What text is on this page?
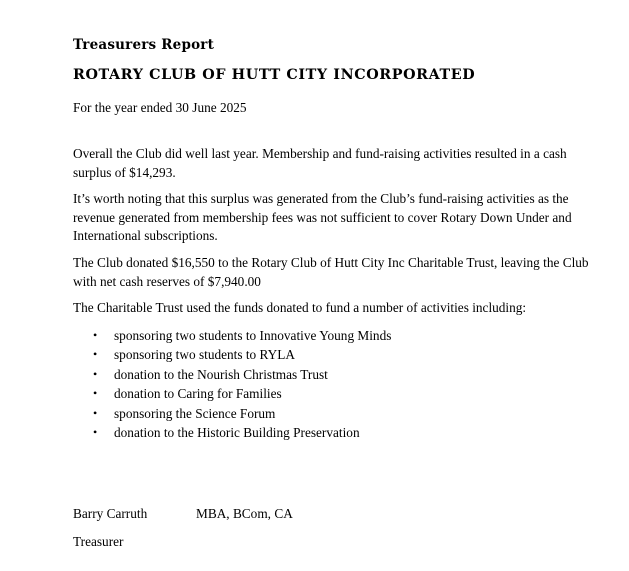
Treasurers Report
ROTARY CLUB OF HUTT CITY INCORPORATED

For the year ended 30 June 2025

Overall the Club did well last year. Membership and fund-raising activities resulted in a cash surplus of $14,293.

It’s worth noting that this surplus was generated from the Club’s fund-raising activities as the revenue generated from membership fees was not sufficient to cover Rotary Down Under and International subscriptions.

The Club donated $16,550 to the Rotary Club of Hutt City Inc Charitable Trust, leaving the Club with net cash reserves of $7,940.00

The Charitable Trust used the funds donated to fund a number of activities including:

• sponsoring two students to Innovative Young Minds
• sponsoring two students to RYLA
• donation to the Nourish Christmas Trust
• donation to Caring for Families
• sponsoring the Science Forum
• donation to the Historic Building Preservation
Barry Carruth	MBA, BCom, CA
Treasurer
